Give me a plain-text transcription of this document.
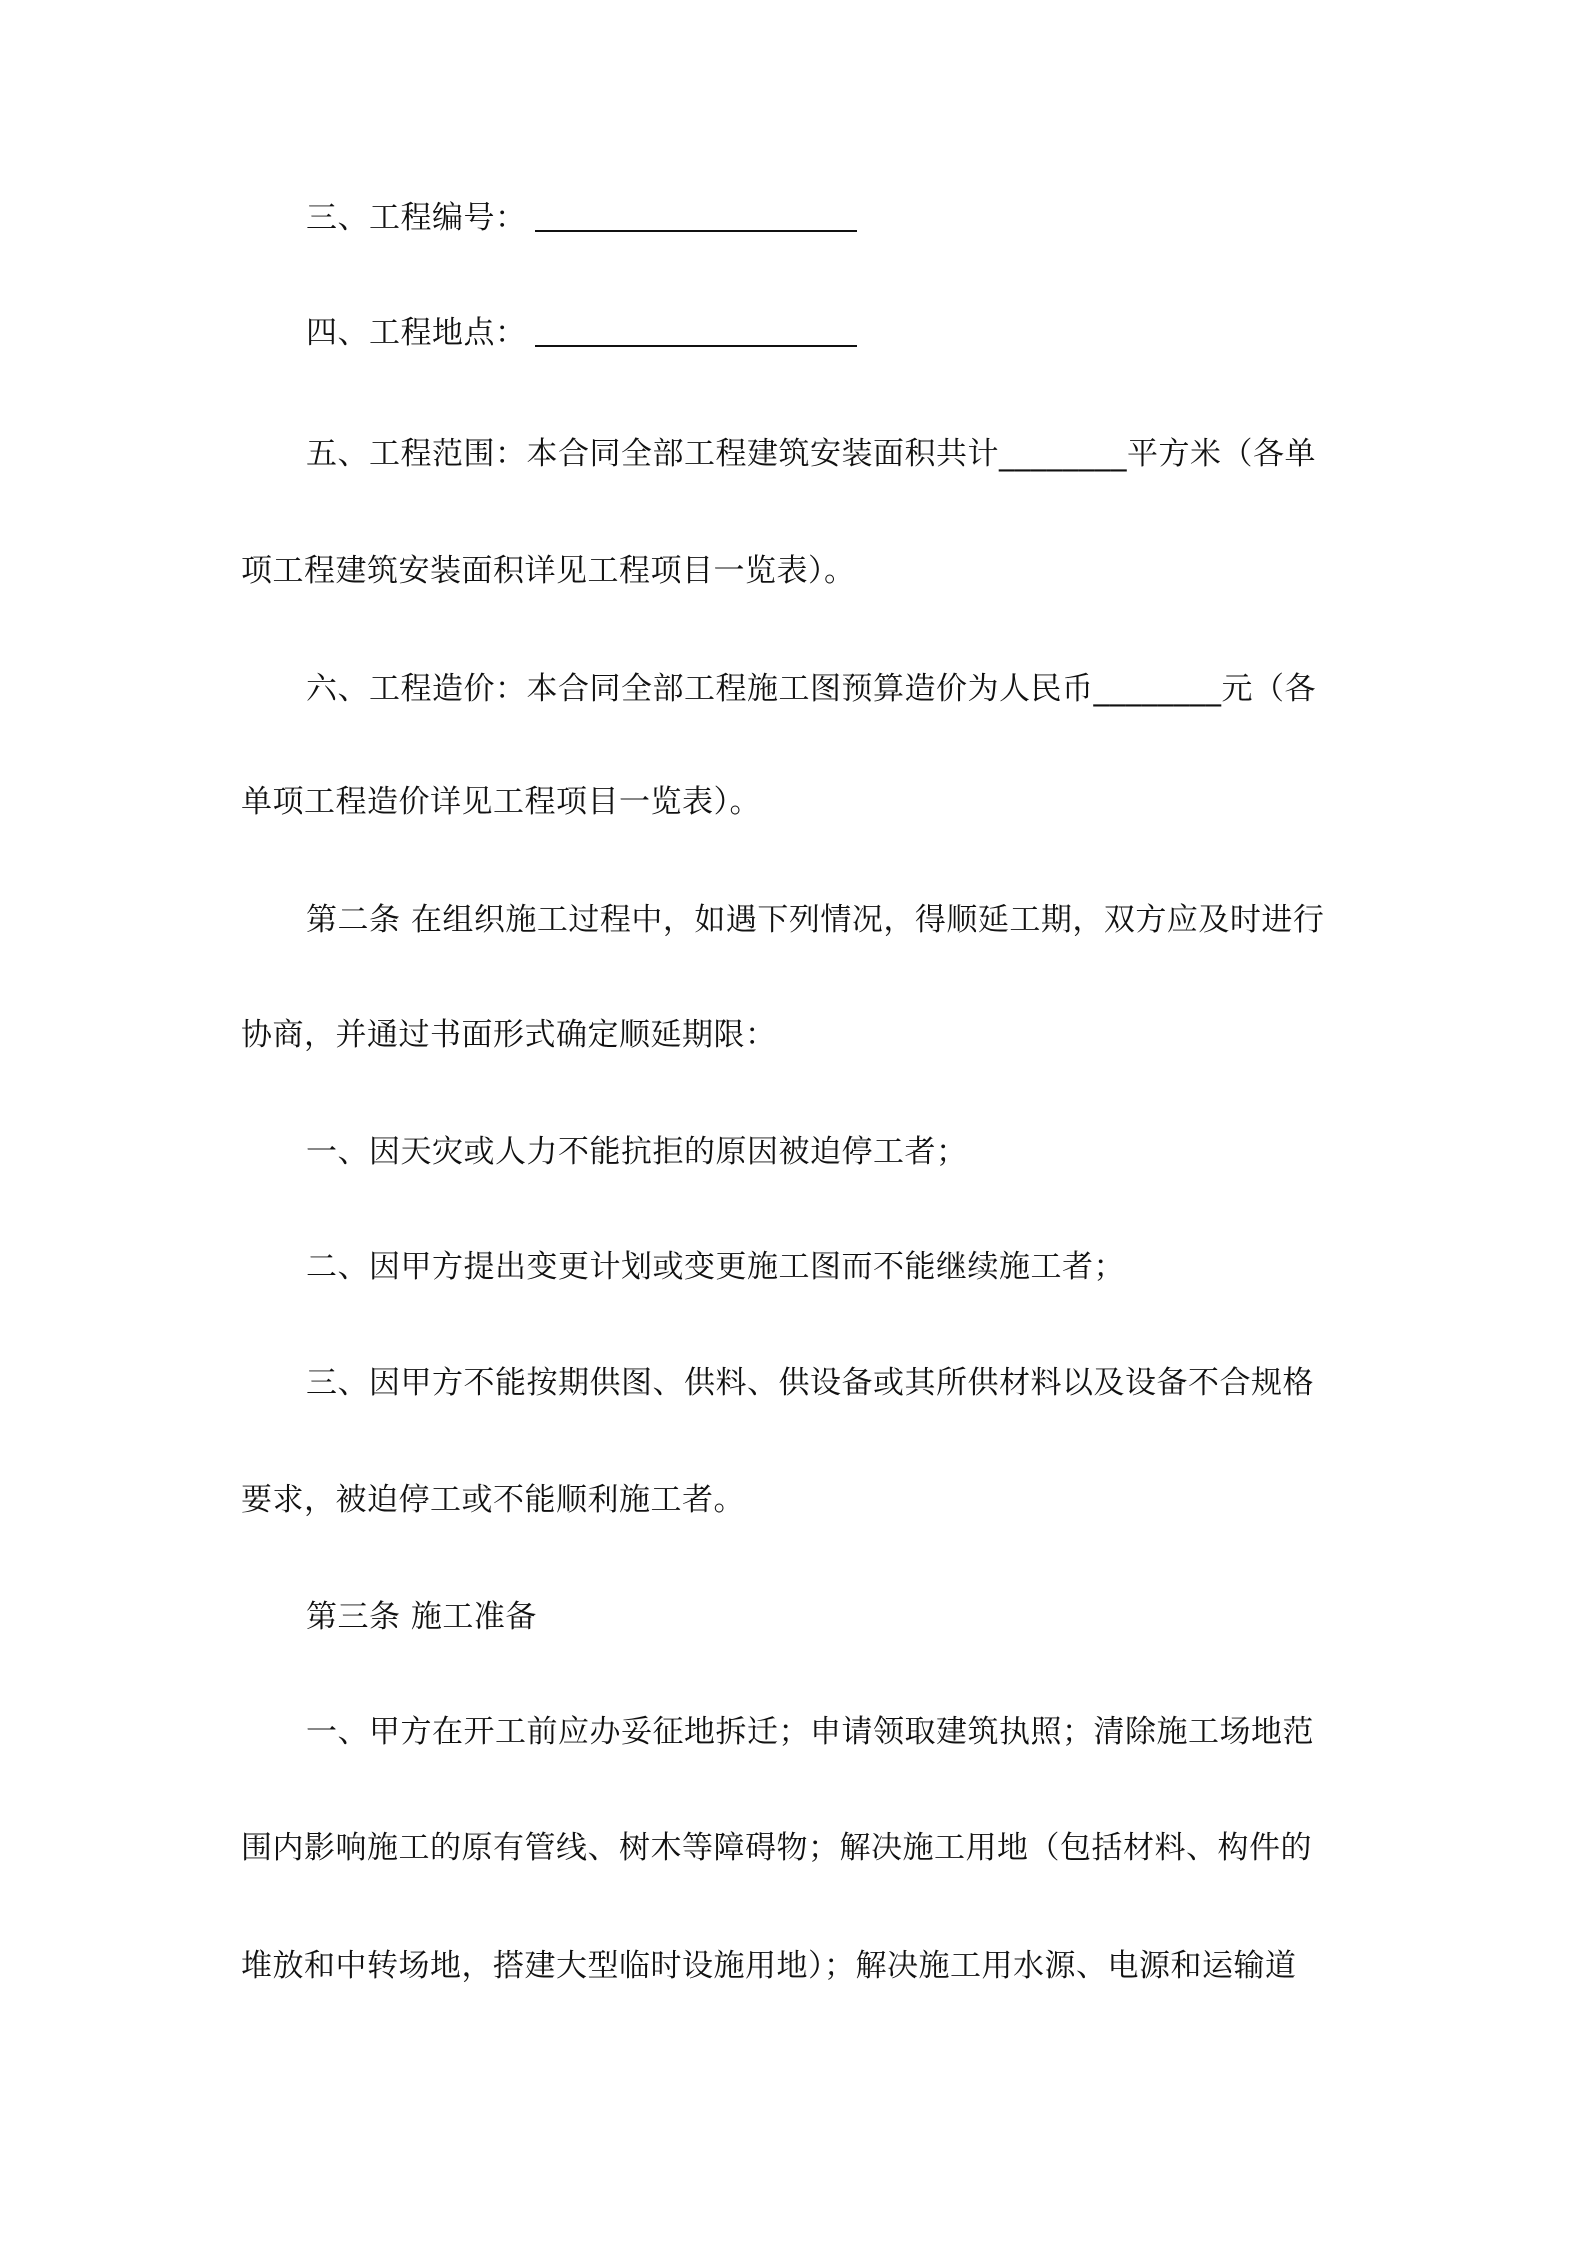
三、工程编号：
四、工程地点：
五、工程范围：本合同全部工程建筑安装面积共计________平方米（各单
项工程建筑安装面积详见工程项目一览表）。
六、工程造价：本合同全部工程施工图预算造价为人民币________元（各
单项工程造价详见工程项目一览表）。
第二条 在组织施工过程中，如遇下列情况，得顺延工期，双方应及时进行
协商，并通过书面形式确定顺延期限：
一、因天灾或人力不能抗拒的原因被迫停工者；
二、因甲方提出变更计划或变更施工图而不能继续施工者；
三、因甲方不能按期供图、供料、供设备或其所供材料以及设备不合规格
要求，被迫停工或不能顺利施工者。
第三条 施工准备
一、甲方在开工前应办妥征地拆迁；申请领取建筑执照；清除施工场地范
围内影响施工的原有管线、树木等障碍物；解决施工用地（包括材料、构件的
堆放和中转场地，搭建大型临时设施用地）；解决施工用水源、电源和运输道
